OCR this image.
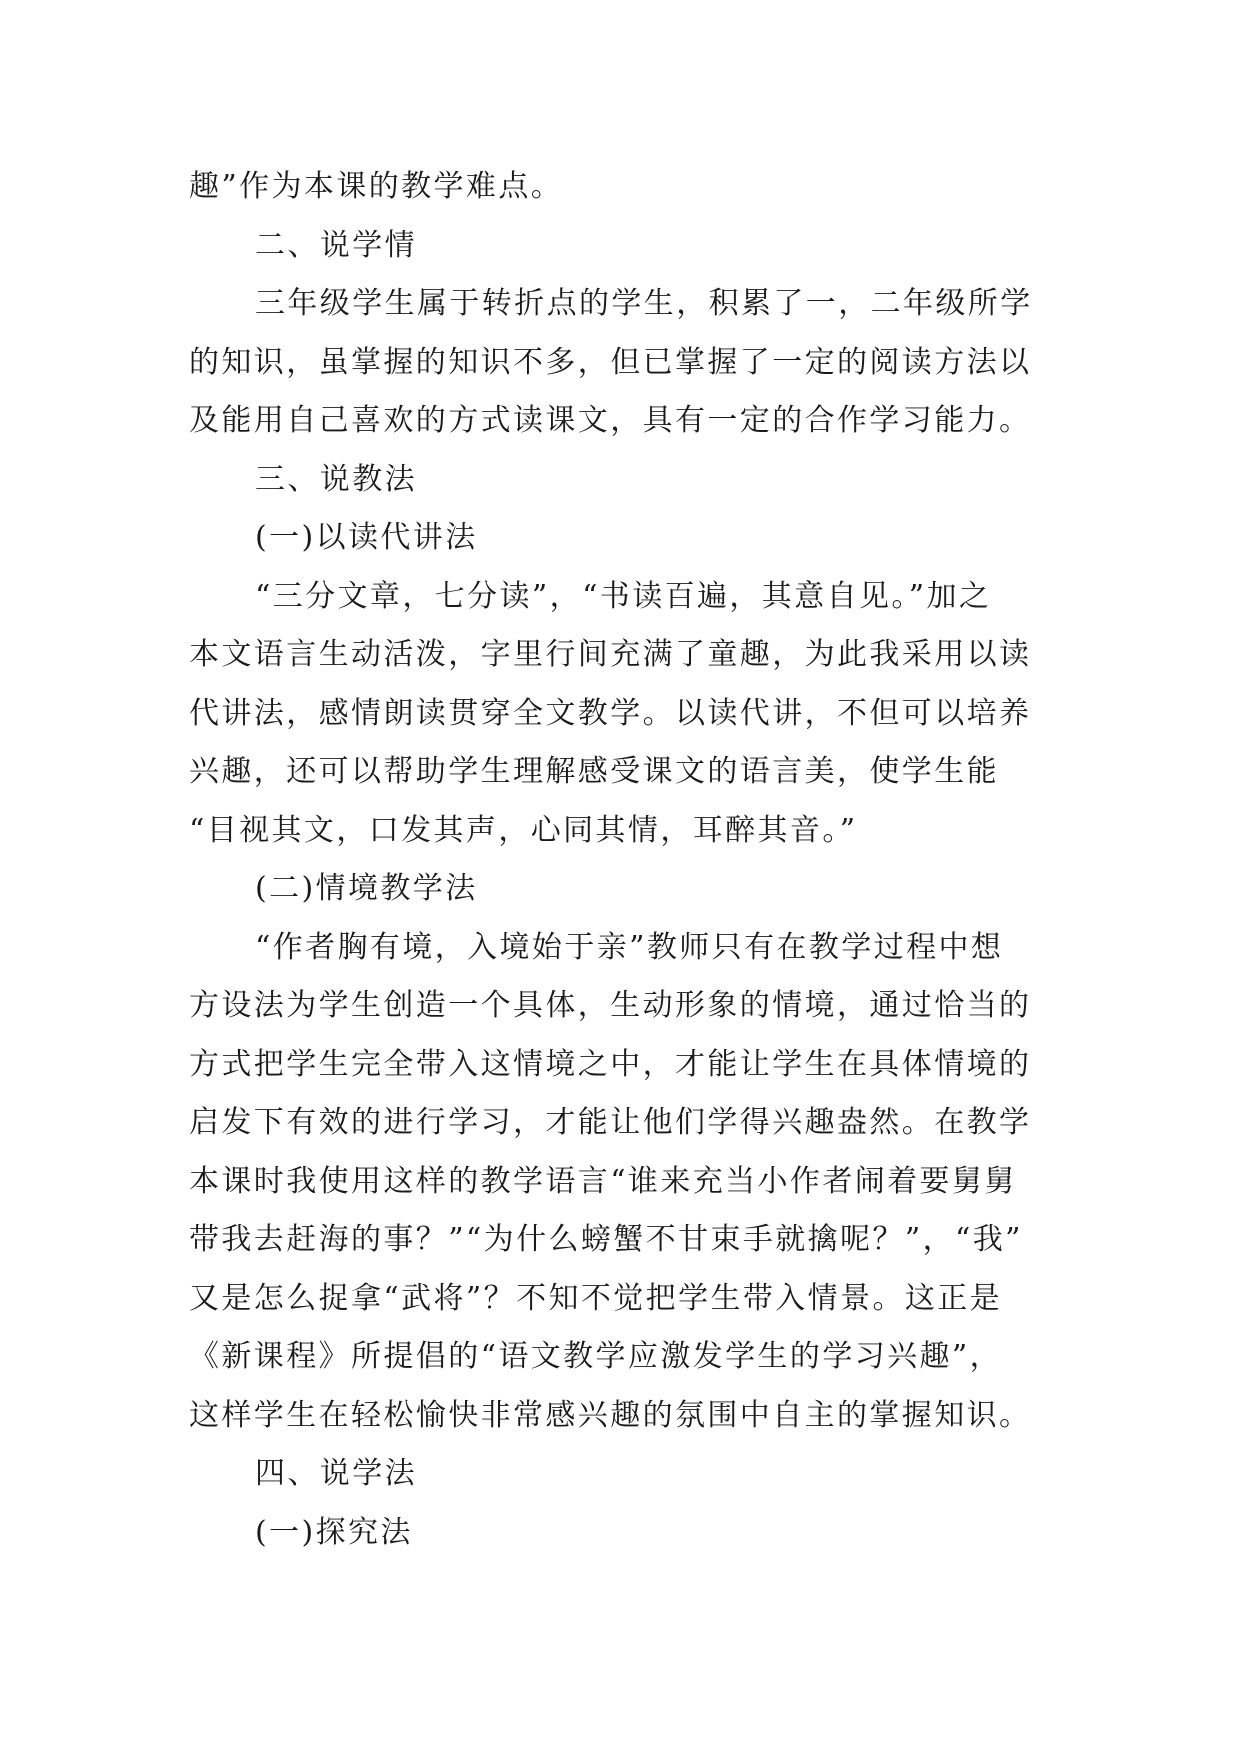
趣”作为本课的教学难点。
二、说学情
三年级学生属于转折点的学生，积累了一，二年级所学
的知识，虽掌握的知识不多，但已掌握了一定的阅读方法以
及能用自己喜欢的方式读课文，具有一定的合作学习能力。
三、说教法
(一)以读代讲法
“三分文章，七分读”，“书读百遍，其意自见。”加之
本文语言生动活泼，字里行间充满了童趣，为此我采用以读
代讲法，感情朗读贯穿全文教学。以读代讲，不但可以培养
兴趣，还可以帮助学生理解感受课文的语言美，使学生能
“目视其文，口发其声，心同其情，耳醉其音。”
(二)情境教学法
“作者胸有境，入境始于亲”教师只有在教学过程中想
方设法为学生创造一个具体，生动形象的情境，通过恰当的
方式把学生完全带入这情境之中，才能让学生在具体情境的
启发下有效的进行学习，才能让他们学得兴趣盎然。在教学
本课时我使用这样的教学语言“谁来充当小作者闹着要舅舅
带我去赶海的事？”“为什么螃蟹不甘束手就擒呢？”，“我”
又是怎么捉拿“武将”？不知不觉把学生带入情景。这正是
《新课程》所提倡的“语文教学应激发学生的学习兴趣”，
这样学生在轻松愉快非常感兴趣的氛围中自主的掌握知识。
四、说学法
(一)探究法
